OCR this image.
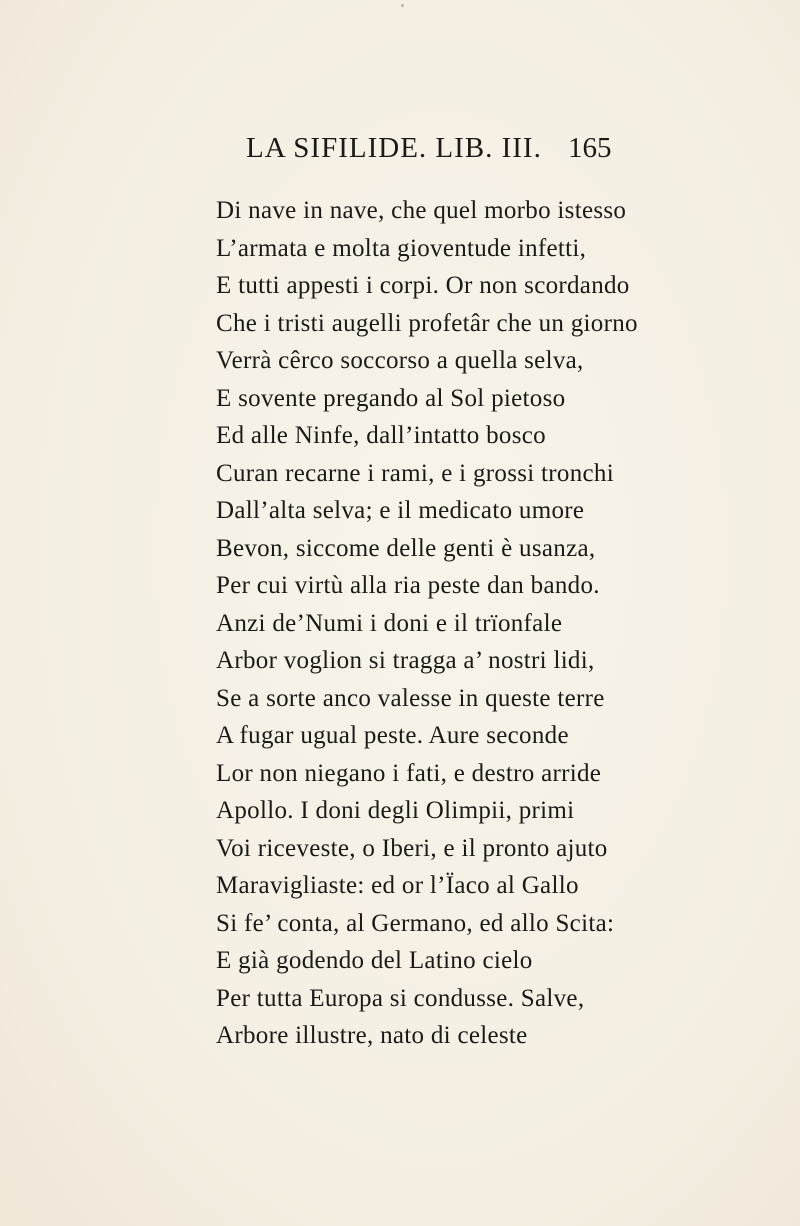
LA SIFILIDE. LIB. III. 165
Di nave in nave, che quel morbo istesso
L’armata e molta gioventude infetti,
E tutti appesti i corpi. Or non scordando
Che i tristi augelli profetâr che un giorno
Verrà cêrco soccorso a quella selva,
E sovente pregando al Sol pietoso
Ed alle Ninfe, dall’intatto bosco
Curan recarne i rami, e i grossi tronchi
Dall’alta selva; e il medicato umore
Bevon, siccome delle genti è usanza,
Per cui virtù alla ria peste dan bando.
Anzi de’Numi i doni e il trïonfale
Arbor voglion si tragga a’ nostri lidi,
Se a sorte anco valesse in queste terre
A fugar ugual peste. Aure seconde
Lor non niegano i fati, e destro arride
Apollo. I doni degli Olimpii, primi
Voi riceveste, o Iberi, e il pronto ajuto
Maravigliaste: ed or l’Ïaco al Gallo
Si fe’ conta, al Germano, ed allo Scita:
E già godendo del Latino cielo
Per tutta Europa si condusse. Salve,
Arbore illustre, nato di celeste
